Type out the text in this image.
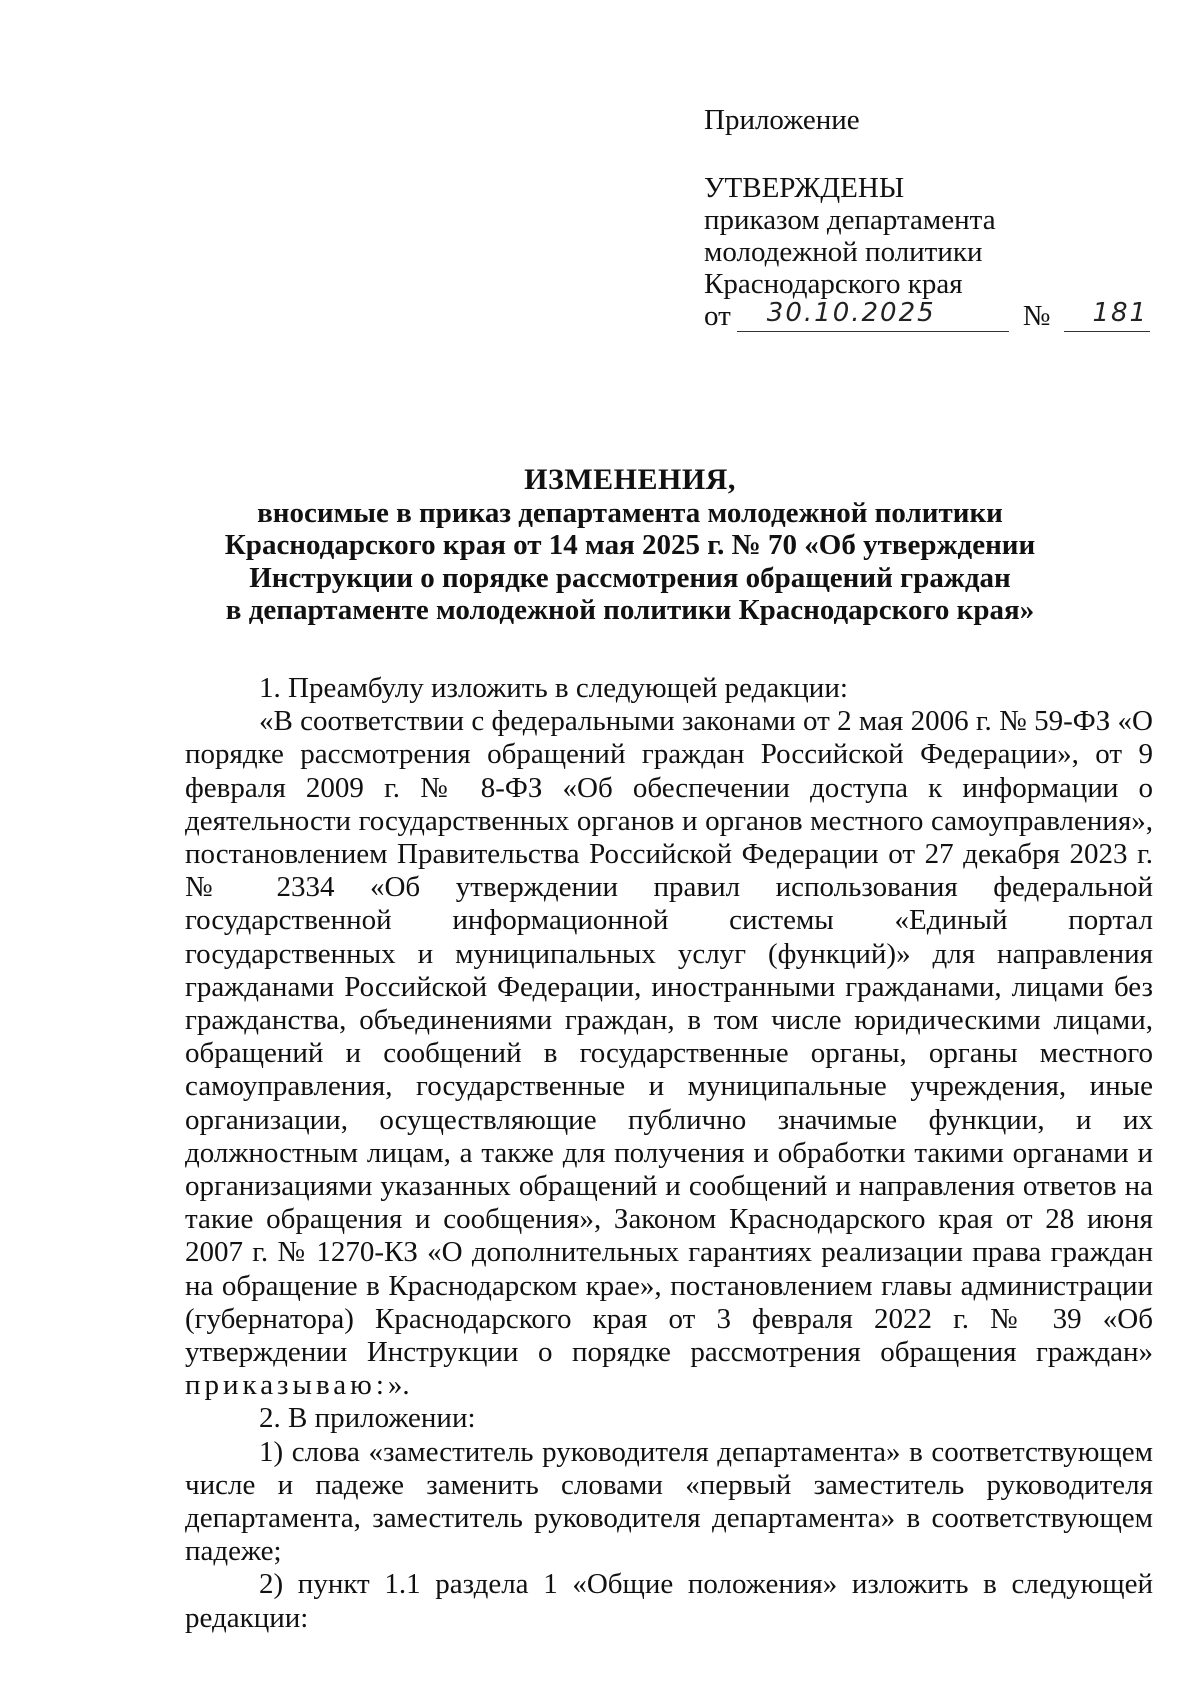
Приложение
УТВЕРЖДЕНЫ
приказом департамента
молодежной политики
Краснодарского края
от 30.10.2025	№ 181
ИЗМЕНЕНИЯ,
вносимые в приказ департамента молодежной политики
Краснодарского края от 14 мая 2025 г. № 70 «Об утверждении
Инструкции о порядке рассмотрения обращений граждан
в департаменте молодежной политики Краснодарского края»

1. Преамбулу изложить в следующей редакции:

«В соответствии с федеральными законами от 2 мая 2006 г. № 59-ФЗ «О порядке рассмотрения обращений граждан Российской Федерации», от 9 февраля 2009 г. № 8-ФЗ «Об обеспечении доступа к информации о деятельности государственных органов и органов местного самоуправления», постановлением Правительства Российской Федерации от 27 декабря 2023 г. № 2334 «Об утверждении правил использования федеральной государственной информационной системы «Единый портал государственных и муниципальных услуг (функций)» для направления гражданами Российской Федерации, иностранными гражданами, лицами без гражданства, объединениями граждан, в том числе юридическими лицами, обращений и сообщений в государственные органы, органы местного самоуправления, государственные и муниципальные учреждения, иные организации, осуществляющие публично значимые функции, и их должностным лицам, а также для получения и обработки такими органами и организациями указанных обращений и сообщений и направления ответов на такие обращения и сообщения», Законом Краснодарского края от 28 июня 2007 г. № 1270-КЗ «О дополнительных гарантиях реализации права граждан на обращение в Краснодарском крае», постановлением главы администрации (губернатора) Краснодарского края от 3 февраля 2022 г. № 39 «Об утверждении Инструкции о порядке рассмотрения обращения граждан» приказываю:».

2. В приложении:

1) слова «заместитель руководителя департамента» в соответствующем числе и падеже заменить словами «первый заместитель руководителя департамента, заместитель руководителя департамента» в соответствующем падеже;

2) пункт 1.1 раздела 1 «Общие положения» изложить в следующей редакции:
